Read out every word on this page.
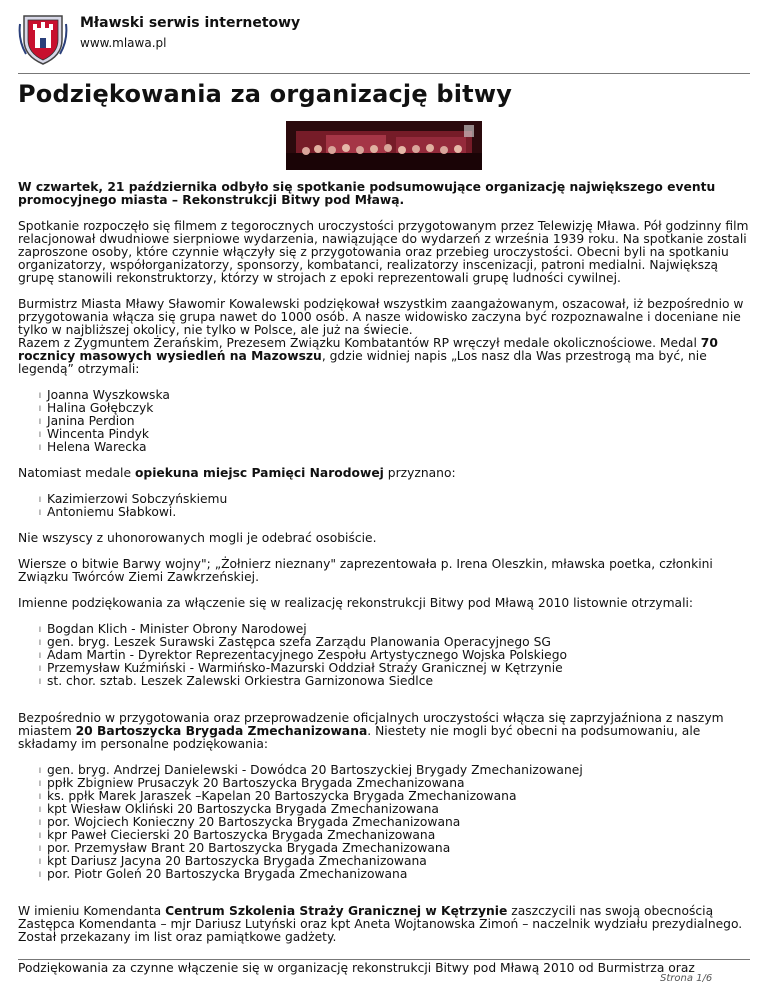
Mławski serwis internetowy
www.mlawa.pl
Podziękowania za organizację bitwy

W czwartek, 21 października odbyło się spotkanie podsumowujące organizację największego eventu promocyjnego miasta – Rekonstrukcji Bitwy pod Mławą.

Spotkanie rozpoczęło się filmem z tegorocznych uroczystości przygotowanym przez Telewizję Mława. Pół godzinny film relacjonował dwudniowe sierpniowe wydarzenia, nawiązujące do wydarzeń z września 1939 roku. Na spotkanie zostali zaproszone osoby, które czynnie włączyły się z przygotowania oraz przebieg uroczystości. Obecni byli na spotkaniu organizatorzy, współorganizatorzy, sponsorzy, kombatanci, realizatorzy inscenizacji, patroni medialni. Największą grupę stanowili rekonstruktorzy, którzy w strojach z epoki reprezentowali grupę ludności cywilnej.

Burmistrz Miasta Mławy Sławomir Kowalewski podziękował wszystkim zaangażowanym, oszacował, iż bezpośrednio w przygotowania włącza się grupa nawet do 1000 osób. A nasze widowisko zaczyna być rozpoznawalne i doceniane nie tylko w najbliższej okolicy, nie tylko w Polsce, ale już na świecie.
Razem z Zygmuntem Żerańskim, Prezesem Związku Kombatantów RP wręczył medale okolicznościowe. Medal 70 rocznicy masowych wysiedleń na Mazowszu, gdzie widniej napis „Los nasz dla Was przestrogą ma być, nie legendą” otrzymali:

l Joanna Wyszkowska
l Halina Gołębczyk
l Janina Perdion
l Wincenta Pindyk
l Helena Warecka

Natomiast medale opiekuna miejsc Pamięci Narodowej przyznano:

l Kazimierzowi Sobczyńskiemu
l Antoniemu Słabkowi.

Nie wszyscy z uhonorowanych mogli je odebrać osobiście.

Wiersze o bitwie Barwy wojny"; „Żołnierz nieznany" zaprezentowała p. Irena Oleszkin, mławska poetka, członkini Związku Twórców Ziemi Zawkrzeńskiej.

Imienne podziękowania za włączenie się w realizację rekonstrukcji Bitwy pod Mławą 2010 listownie otrzymali:

l Bogdan Klich - Minister Obrony Narodowej
l gen. bryg. Leszek Surawski Zastępca szefa Zarządu Planowania Operacyjnego SG
l Adam Martin - Dyrektor Reprezentacyjnego Zespołu Artystycznego Wojska Polskiego
l Przemysław Kuźmiński - Warmińsko-Mazurski Oddział Straży Granicznej w Kętrzynie
l st. chor. sztab. Leszek Zalewski Orkiestra Garnizonowa Siedlce

Bezpośrednio w przygotowania oraz przeprowadzenie oficjalnych uroczystości włącza się zaprzyjaźniona z naszym miastem 20 Bartoszycka Brygada Zmechanizowana. Niestety nie mogli być obecni na podsumowaniu, ale składamy im personalne podziękowania:

l gen. bryg. Andrzej Danielewski - Dowódca 20 Bartoszyckiej Brygady Zmechanizowanej
l ppłk Zbigniew Prusaczyk 20 Bartoszycka Brygada Zmechanizowana
l ks. ppłk Marek Jaraszek –Kapelan 20 Bartoszycka Brygada Zmechanizowana
l kpt Wiesław Okliński 20 Bartoszycka Brygada Zmechanizowana
l por. Wojciech Konieczny 20 Bartoszycka Brygada Zmechanizowana
l kpr Paweł Ciecierski 20 Bartoszycka Brygada Zmechanizowana
l por. Przemysław Brant 20 Bartoszycka Brygada Zmechanizowana
l kpt Dariusz Jacyna 20 Bartoszycka Brygada Zmechanizowana
l por. Piotr Goleń 20 Bartoszycka Brygada Zmechanizowana

W imieniu Komendanta Centrum Szkolenia Straży Granicznej w Kętrzynie zaszczycili nas swoją obecnością Zastępca Komendanta – mjr Dariusz Lutyński oraz kpt Aneta Wojtanowska Zimoń – naczelnik wydziału prezydialnego. Został przekazany im list oraz pamiątkowe gadżety.

Podziękowania za czynne włączenie się w organizację rekonstrukcji Bitwy pod Mławą 2010 od Burmistrza oraz
Strona 1/6
